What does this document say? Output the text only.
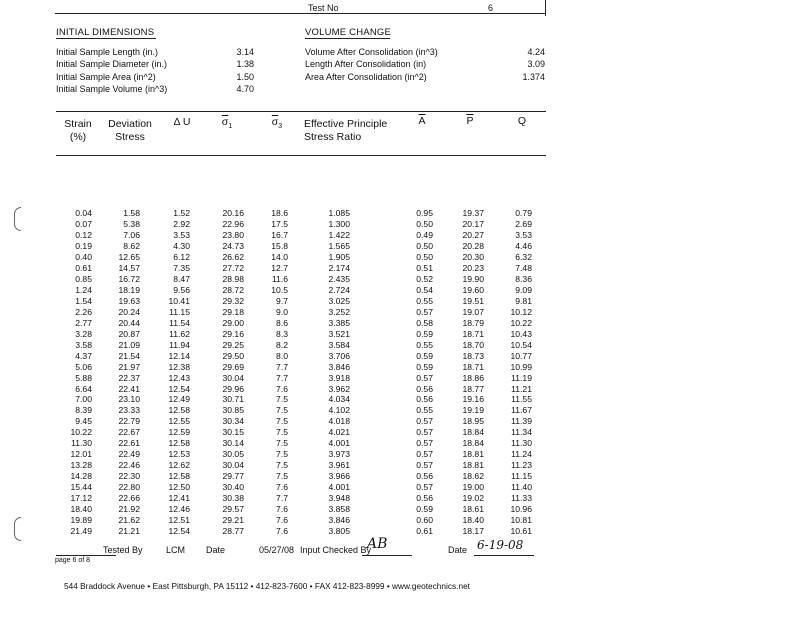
Test No	6
INITIAL DIMENSIONS
Initial Sample Length (in.)	3.14
Initial Sample Diameter (in.)	1.38
Initial Sample Area (in^2)	1.50
Initial Sample Volume (in^3)	4.70
VOLUME CHANGE
Volume After Consolidation (in^3)	4.24
Length After Consolidation (in)	3.09
Area After Consolidation (in^2)	1.374
Strain
(%)
Deviation
Stress
Δ U	$\overline{\sigma}_1$	$\overline{\sigma}_3$	Effective Principle
Stress Ratio
$\overline{A}$	$\overline{P}$	Q
0.04	1.58	1.52	20.16	18.6	1.085	0.95	19.37	0.79
0.07	5.38	2.92	22.96	17.5	1.300	0.50	20.17	2.69
0.12	7.06	3.53	23.80	16.7	1.422	0.49	20.27	3.53
0.19	8.62	4.30	24.73	15.8	1.565	0.50	20.28	4.46
0.40	12.65	6.12	26.62	14.0	1.905	0.50	20.30	6.32
0.61	14.57	7.35	27.72	12.7	2.174	0.51	20.23	7.48
0.85	16.72	8.47	28.98	11.6	2.435	0.52	19.90	8.36
1.24	18.19	9.56	28.72	10.5	2.724	0.54	19.60	9.09
1.54	19.63	10.41	29.32	9.7	3.025	0.55	19.51	9.81
2.26	20.24	11.15	29.18	9.0	3.252	0.57	19.07	10.12
2.77	20.44	11.54	29.00	8.6	3.385	0.58	18.79	10.22
3.28	20.87	11.62	29.16	8.3	3.521	0.59	18.71	10.43
3.58	21.09	11.94	29.25	8.2	3.584	0.55	18.70	10.54
4.37	21.54	12.14	29.50	8.0	3.706	0.59	18.73	10.77
5.06	21.97	12.38	29.69	7.7	3.846	0.59	18.71	10.99
5.88	22.37	12.43	30.04	7.7	3.918	0.57	18.86	11.19
6.64	22.41	12.54	29.96	7.6	3.962	0.56	18.77	11.21
7.00	23.10	12.49	30.71	7.5	4.034	0.56	19.16	11.55
8.39	23.33	12.58	30.85	7.5	4.102	0.55	19.19	11.67
9.45	22.79	12.55	30.34	7.5	4.018	0.57	18.95	11.39
10.22	22.67	12.59	30.15	7.5	4.021	0.57	18.84	11.34
11.30	22.61	12.58	30.14	7.5	4.001	0.57	18.84	11.30
12.01	22.49	12.53	30.05	7.5	3.973	0.57	18.81	11.24
13.28	22.46	12.62	30.04	7.5	3.961	0.57	18.81	11.23
14.28	22.30	12.58	29.77	7.5	3.966	0.56	18.62	11.15
15.44	22.80	12.50	30.40	7.6	4.001	0.57	19.00	11.40
17.12	22.66	12.41	30.38	7.7	3.948	0.56	19.02	11.33
18.40	21.92	12.46	29.57	7.6	3.858	0.59	18.61	10.96
19.89	21.62	12.51	29.21	7.6	3.846	0.60	18.40	10.81
21.49	21.21	12.54	28.77	7.6	3.805	0.61	18.17	10.61
Tested By	LCM Date	05/27/08 Input Checked By
AB	Date 6-19-08
page 6 of 8
544 Braddock Avenue • East Pittsburgh, PA 15112 • 412-823-7600 • FAX 412-823-8999 • www.geotechnics.net
